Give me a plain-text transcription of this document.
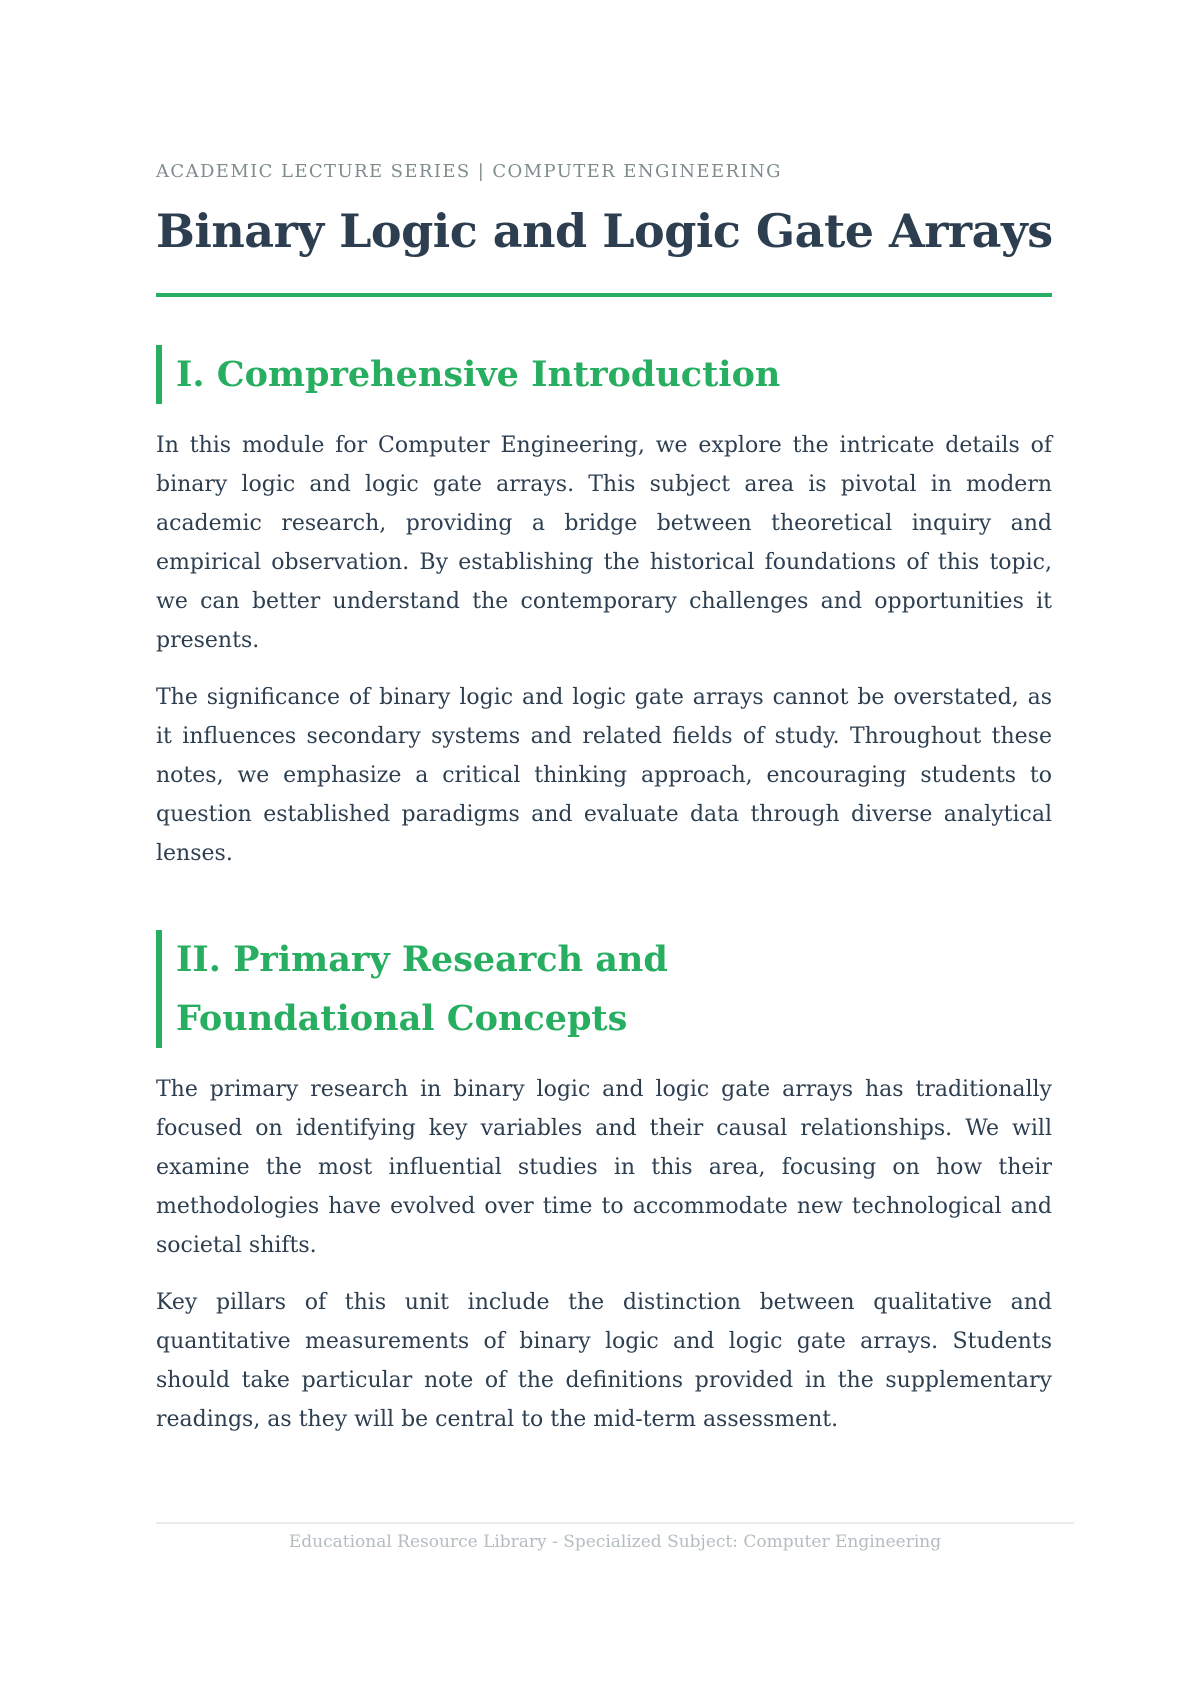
ACADEMIC LECTURE SERIES | COMPUTER ENGINEERING
Binary Logic and Logic Gate Arrays
I. Comprehensive Introduction

In this module for Computer Engineering, we explore the intricate details of binary logic and logic gate arrays. This subject area is pivotal in modern academic research, providing a bridge between theoretical inquiry and empirical observation. By establishing the historical foundations of this topic, we can better understand the contemporary challenges and opportunities it presents.

The significance of binary logic and logic gate arrays cannot be overstated, as it influences secondary systems and related fields of study. Throughout these notes, we emphasize a critical thinking approach, encouraging students to question established paradigms and evaluate data through diverse analytical lenses.

II. Primary Research and Foundational Concepts

The primary research in binary logic and logic gate arrays has traditionally focused on identifying key variables and their causal relationships. We will examine the most influential studies in this area, focusing on how their methodologies have evolved over time to accommodate new technological and societal shifts.

Key pillars of this unit include the distinction between qualitative and quantitative measurements of binary logic and logic gate arrays. Students should take particular note of the definitions provided in the supplementary readings, as they will be central to the mid-term assessment.

Educational Resource Library - Specialized Subject: Computer Engineering
